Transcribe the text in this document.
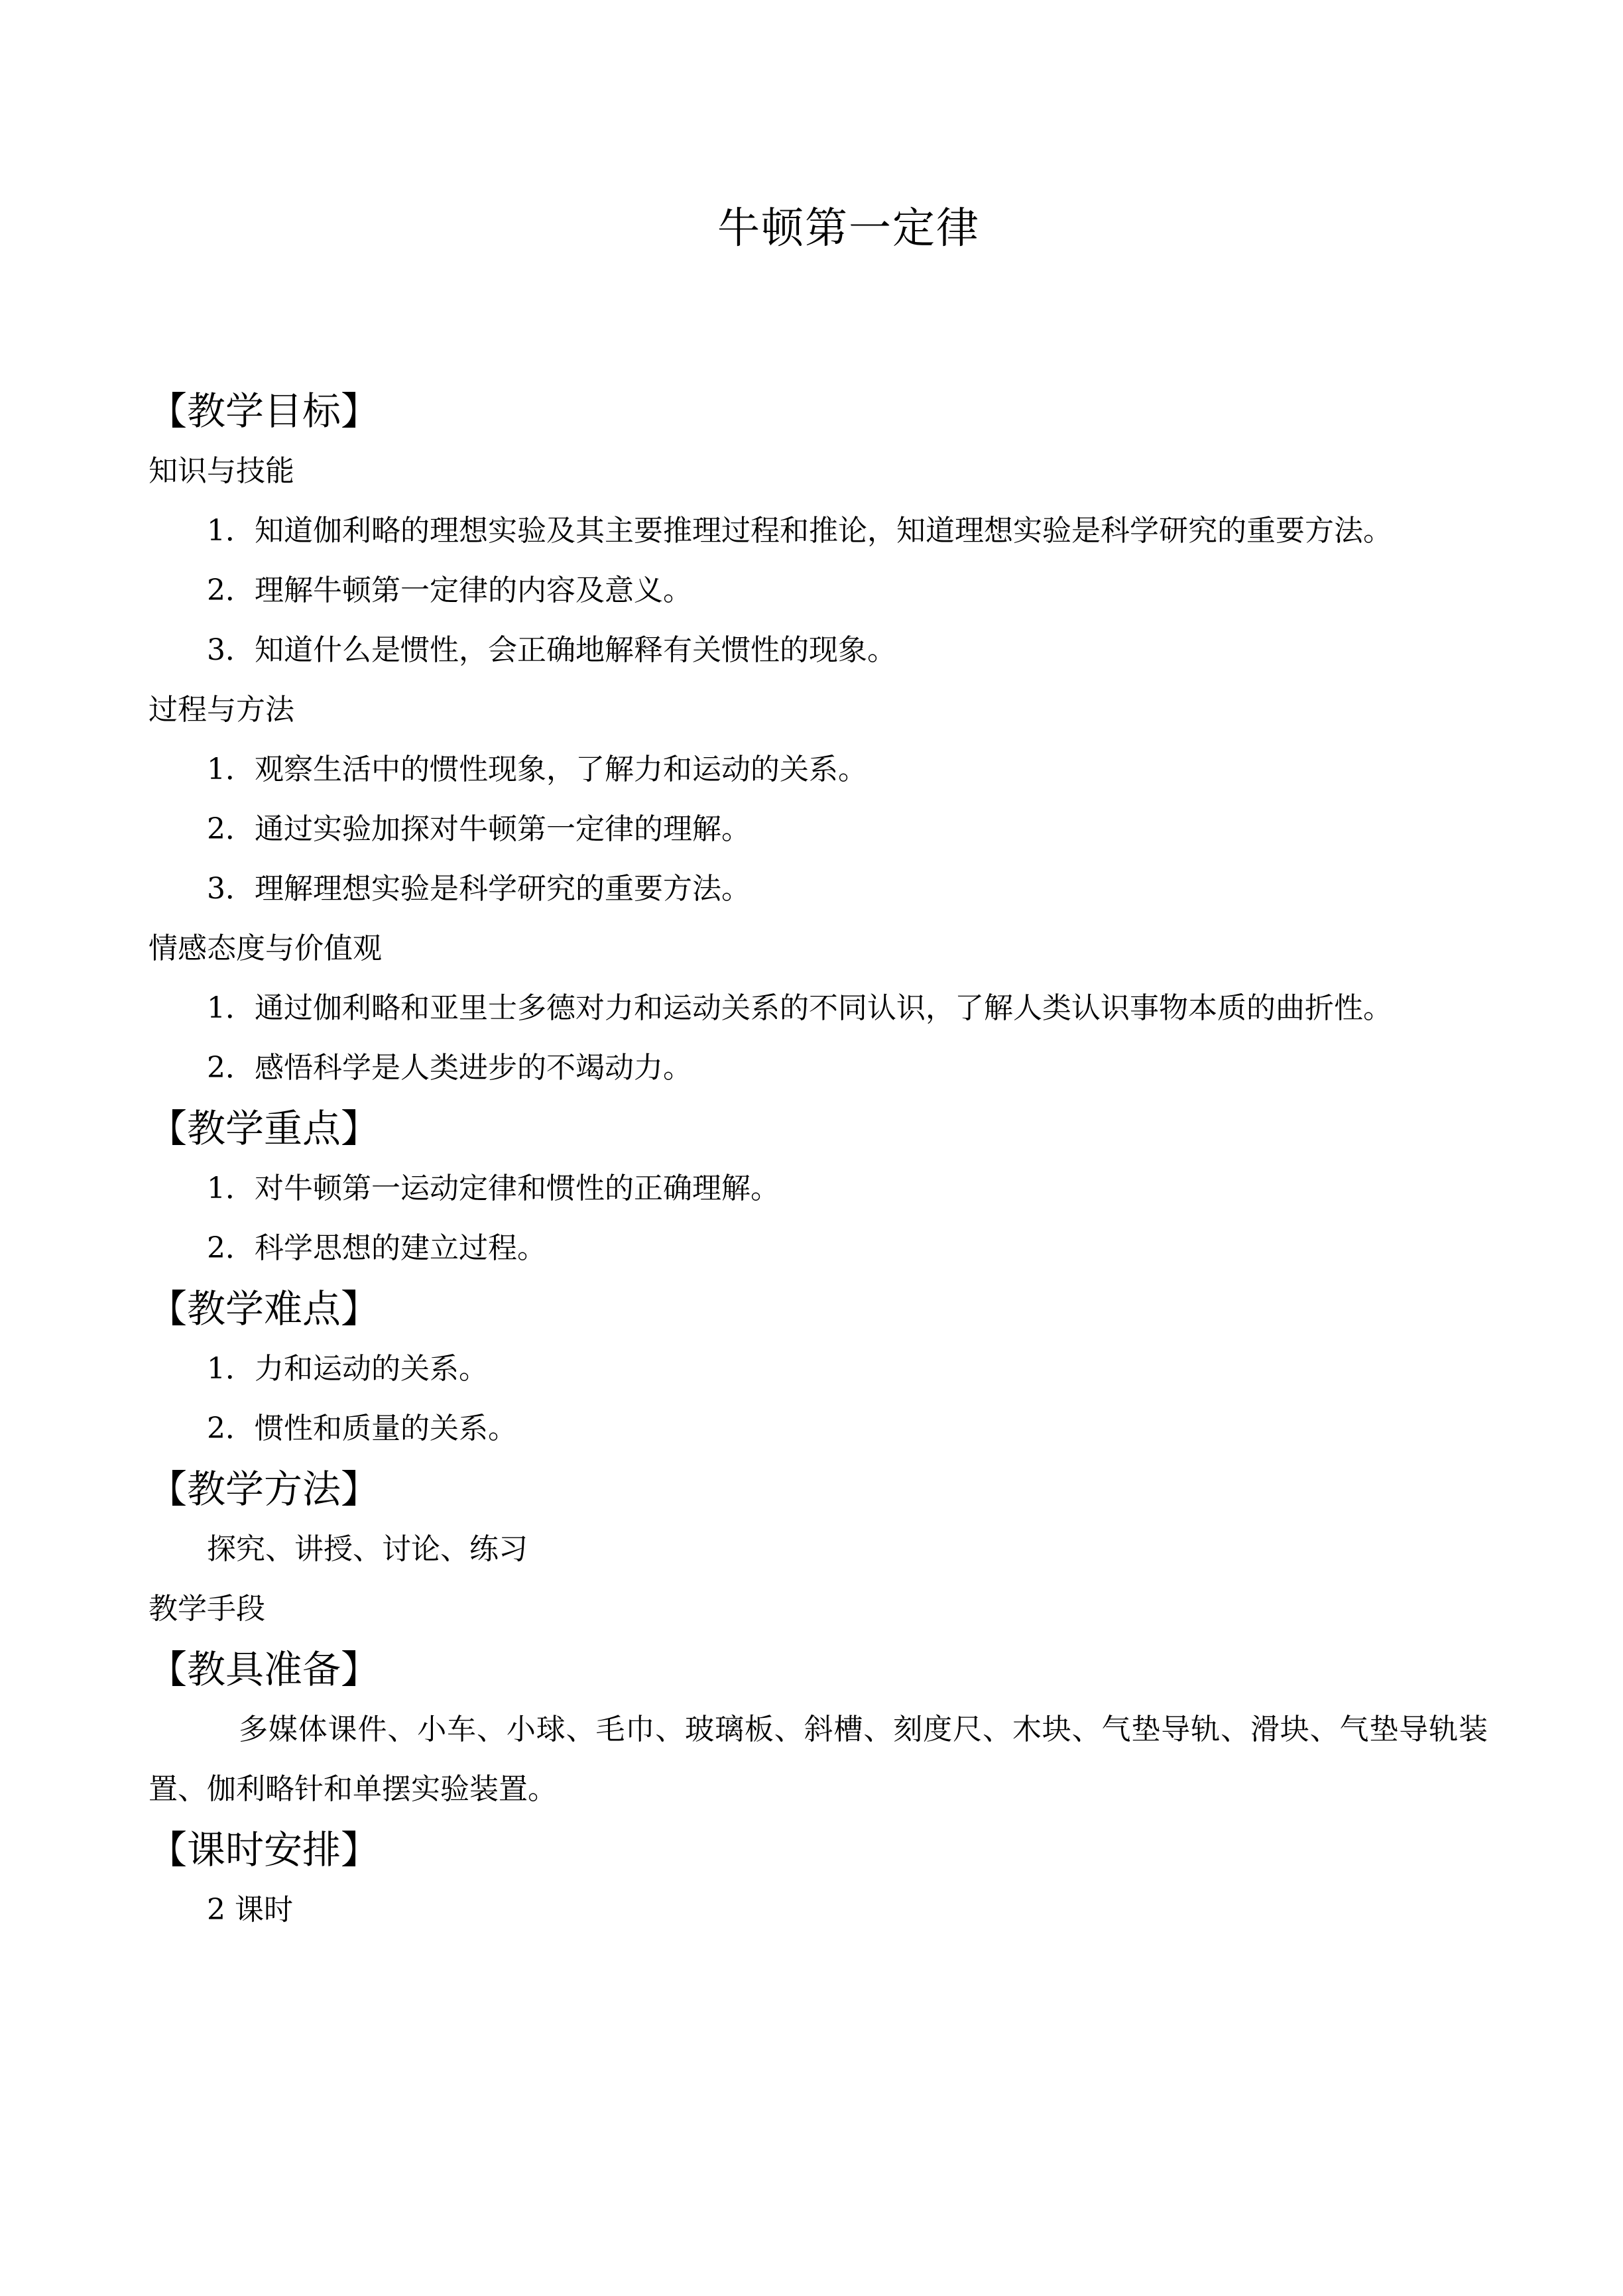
牛顿第一定律
【教学目标】
知识与技能
1．知道伽利略的理想实验及其主要推理过程和推论，知道理想实验是科学研究的重要方法。
2．理解牛顿第一定律的内容及意义。
3．知道什么是惯性，会正确地解释有关惯性的现象。
过程与方法
1．观察生活中的惯性现象，了解力和运动的关系。
2．通过实验加探对牛顿第一定律的理解。
3．理解理想实验是科学研究的重要方法。
情感态度与价值观
1．通过伽利略和亚里士多德对力和运动关系的不同认识，了解人类认识事物本质的曲折性。
2．感悟科学是人类进步的不竭动力。
【教学重点】
1．对牛顿第一运动定律和惯性的正确理解。
2．科学思想的建立过程。
【教学难点】
1．力和运动的关系。
2．惯性和质量的关系。
【教学方法】
探究、讲授、讨论、练习
教学手段
【教具准备】
多媒体课件、小车、小球、毛巾、玻璃板、斜槽、刻度尺、木块、气垫导轨、滑块、气垫导轨装置、伽利略针和单摆实验装置。
【课时安排】
2 课时
